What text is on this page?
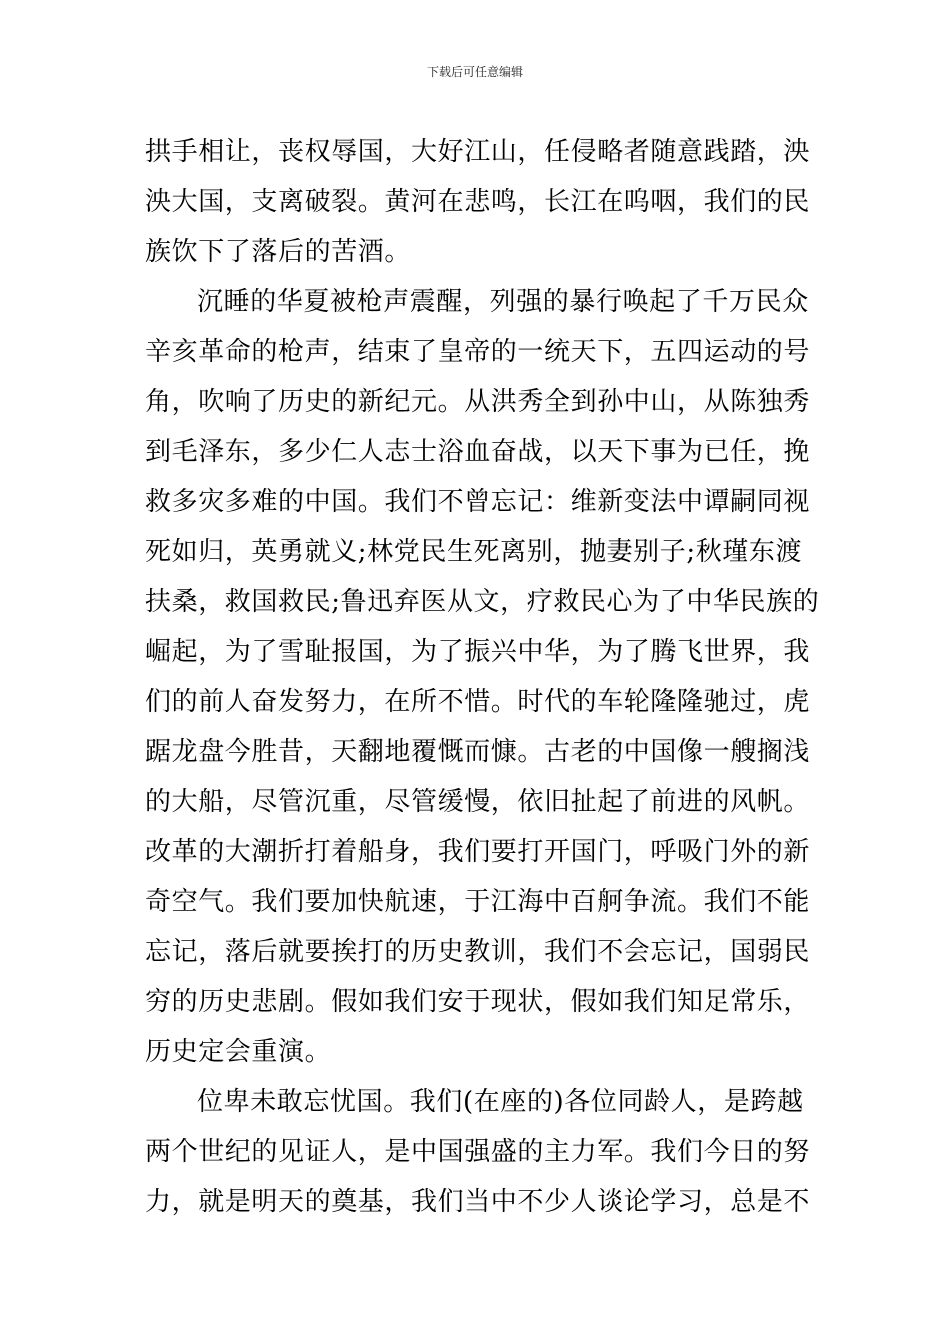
下载后可任意编辑
拱手相让，丧权辱国，大好江山，任侵略者随意践踏，泱
泱大国，支离破裂。黄河在悲鸣，长江在呜咽，我们的民
族饮下了落后的苦酒。
沉睡的华夏被枪声震醒，列强的暴行唤起了千万民众
辛亥革命的枪声，结束了皇帝的一统天下，五四运动的号
角，吹响了历史的新纪元。从洪秀全到孙中山，从陈独秀
到毛泽东，多少仁人志士浴血奋战，以天下事为已任，挽
救多灾多难的中国。我们不曾忘记：维新变法中谭嗣同视
死如归，英勇就义;林党民生死离别，抛妻别子;秋瑾东渡
扶桑，救国救民;鲁迅弃医从文，疗救民心为了中华民族的
崛起，为了雪耻报国，为了振兴中华，为了腾飞世界，我
们的前人奋发努力，在所不惜。时代的车轮隆隆驰过，虎
踞龙盘今胜昔，天翻地覆慨而慷。古老的中国像一艘搁浅
的大船，尽管沉重，尽管缓慢，依旧扯起了前进的风帆。
改革的大潮折打着船身，我们要打开国门，呼吸门外的新
奇空气。我们要加快航速，于江海中百舸争流。我们不能
忘记，落后就要挨打的历史教训，我们不会忘记，国弱民
穷的历史悲剧。假如我们安于现状，假如我们知足常乐，
历史定会重演。
位卑未敢忘忧国。我们(在座的)各位同龄人，是跨越
两个世纪的见证人，是中国强盛的主力军。我们今日的努
力，就是明天的奠基，我们当中不少人谈论学习，总是不
